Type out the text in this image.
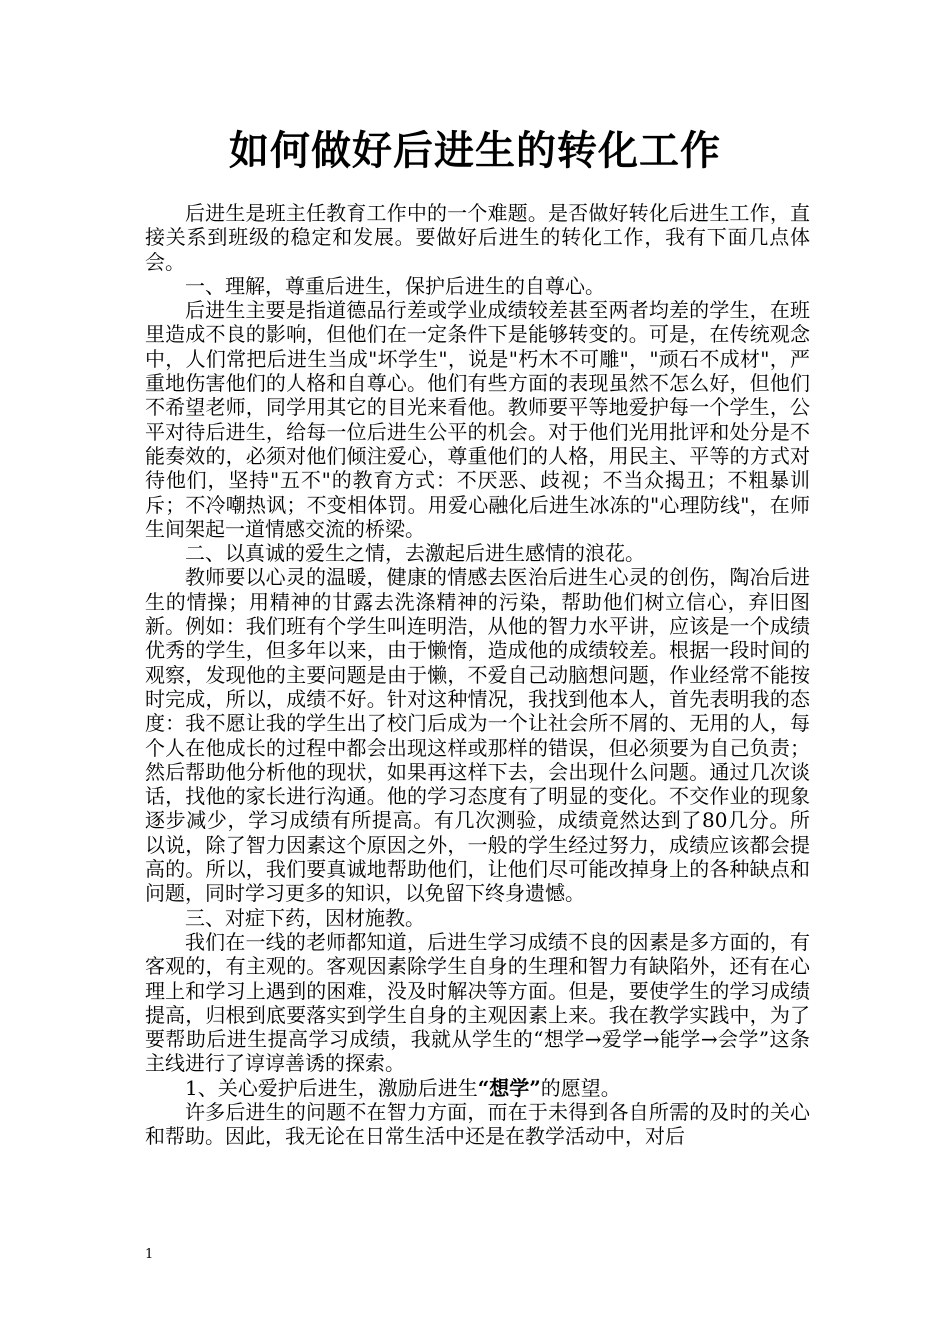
如何做好后进生的转化工作

后进生是班主任教育工作中的一个难题。是否做好转化后进生工作，直接关系到班级的稳定和发展。要做好后进生的转化工作，我有下面几点体会。

一、理解，尊重后进生，保护后进生的自尊心。

后进生主要是指道德品行差或学业成绩较差甚至两者均差的学生，在班里造成不良的影响，但他们在一定条件下是能够转变的。可是，在传统观念中，人们常把后进生当成"坏学生"，说是"朽木不可雕"，"顽石不成材"，严重地伤害他们的人格和自尊心。他们有些方面的表现虽然不怎么好，但他们不希望老师，同学用其它的目光来看他。教师要平等地爱护每一个学生，公平对待后进生，给每一位后进生公平的机会。对于他们光用批评和处分是不能奏效的，必须对他们倾注爱心，尊重他们的人格，用民主、平等的方式对待他们，坚持"五不"的教育方式：不厌恶、歧视；不当众揭丑；不粗暴训斥；不冷嘲热讽；不变相体罚。用爱心融化后进生冰冻的"心理防线"，在师生间架起一道情感交流的桥梁。

二、以真诚的爱生之情，去激起后进生感情的浪花。

教师要以心灵的温暖，健康的情感去医治后进生心灵的创伤，陶冶后进生的情操；用精神的甘露去洗涤精神的污染，帮助他们树立信心，弃旧图新。例如：我们班有个学生叫连明浩，从他的智力水平讲，应该是一个成绩优秀的学生，但多年以来，由于懒惰，造成他的成绩较差。根据一段时间的观察，发现他的主要问题是由于懒，不爱自己动脑想问题，作业经常不能按时完成，所以，成绩不好。针对这种情况，我找到他本人，首先表明我的态度：我不愿让我的学生出了校门后成为一个让社会所不屑的、无用的人，每个人在他成长的过程中都会出现这样或那样的错误，但必须要为自己负责；然后帮助他分析他的现状，如果再这样下去，会出现什么问题。通过几次谈话，找他的家长进行沟通。他的学习态度有了明显的变化。不交作业的现象逐步减少，学习成绩有所提高。有几次测验，成绩竟然达到了80几分。所以说，除了智力因素这个原因之外，一般的学生经过努力，成绩应该都会提高的。所以，我们要真诚地帮助他们，让他们尽可能改掉身上的各种缺点和问题，同时学习更多的知识，以免留下终身遗憾。

三、对症下药，因材施教。

我们在一线的老师都知道，后进生学习成绩不良的因素是多方面的，有客观的，有主观的。客观因素除学生自身的生理和智力有缺陷外，还有在心理上和学习上遇到的困难，没及时解决等方面。但是，要使学生的学习成绩提高，归根到底要落实到学生自身的主观因素上来。我在教学实践中，为了要帮助后进生提高学习成绩，我就从学生的“想学→爱学→能学→会学”这条主线进行了谆谆善诱的探索。

1、关心爱护后进生，激励后进生“想学”的愿望。

许多后进生的问题不在智力方面，而在于未得到各自所需的及时的关心和帮助。因此，我无论在日常生活中还是在教学活动中，对后

1
